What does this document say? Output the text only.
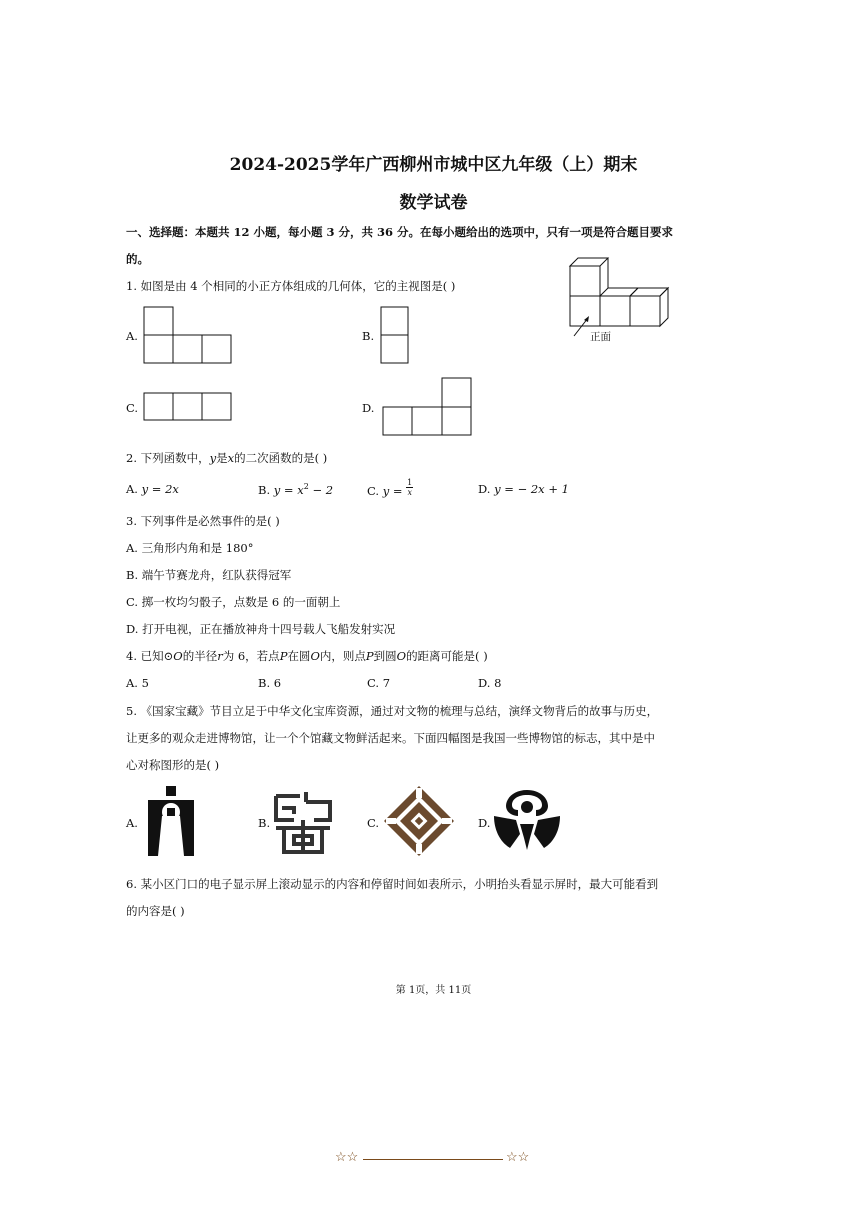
2024-2025学年广西柳州市城中区九年级（上）期末
数学试卷
一、选择题：本题共 12 小题，每小题 3 分，共 36 分。在每小题给出的选项中，只有一项是符合题目要求
的。
1. 如图是由 4 个相同的小正方体组成的几何体，它的主视图是( )
正面
A.	B.
C.	D.
2. 下列函数中，y是x的二次函数的是( )
A. y = 2x	B. $y = x^2 - 2$	C. $y = \frac{1}{x}$	D. y = − 2x + 1
3. 下列事件是必然事件的是( )
A. 三角形内角和是 180°
B. 端午节赛龙舟，红队获得冠军
C. 掷一枚均匀骰子，点数是 6 的一面朝上
D. 打开电视，正在播放神舟十四号载人飞船发射实况
4. 已知⊙O的半径r为 6，若点P在圆O内，则点P到圆O的距离可能是( )
A. 5	B. 6	C. 7	D. 8
5. 《国家宝藏》节目立足于中华文化宝库资源，通过对文物的梳理与总结，演绎文物背后的故事与历史，
让更多的观众走进博物馆，让一个个馆藏文物鲜活起来。下面四幅图是我国一些博物馆的标志，其中是中
心对称图形的是( )
A.	B.	C.	D.
6. 某小区门口的电子显示屏上滚动显示的内容和停留时间如表所示，小明抬头看显示屏时，最大可能看到
的内容是( )
第 1页，共 11页
☆☆	☆☆
